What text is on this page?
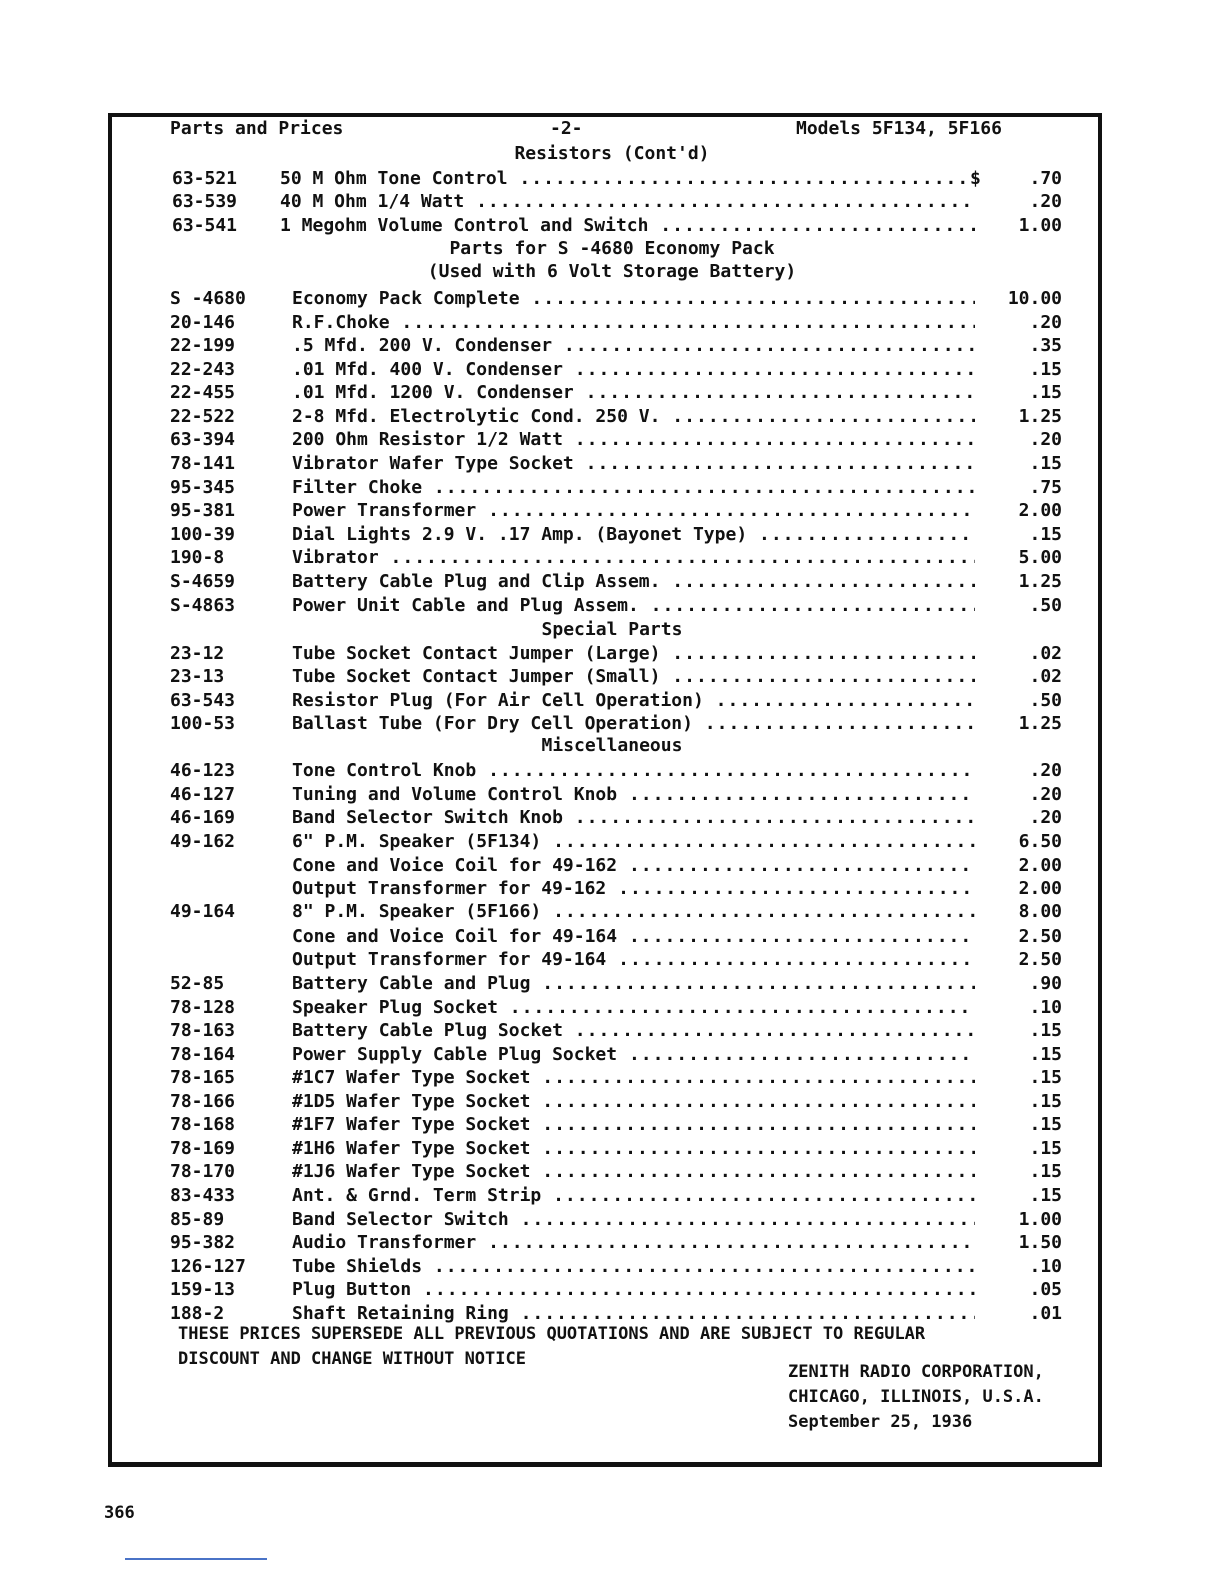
Parts and Prices	-2-	Models 5F134, 5F166
Resistors (Cont'd)
Parts for S -4680 Economy Pack
(Used with 6 Volt Storage Battery)
Special Parts
Miscellaneous
63-521 50 M Ohm Tone Control .....	$	.70
63-539 40 M Ohm 1/4 Watt .....	.20
63-541 1 Megohm Volume Control and Switch .....	1.00
S -4680	Economy Pack Complete .....	10.00
20-146	R.F.Choke .....	.20
22-199	.5 Mfd. 200 V. Condenser .....	.35
22-243	.01 Mfd. 400 V. Condenser .....	.15
22-455	.01 Mfd. 1200 V. Condenser .....	.15
22-522	2-8 Mfd. Electrolytic Cond. 250 V. .....	1.25
63-394	200 Ohm Resistor 1/2 Watt .....	.20
78-141	Vibrator Wafer Type Socket .....	.15
95-345	Filter Choke .....	.75
95-381	Power Transformer .....	2.00
100-39	Dial Lights 2.9 V. .17 Amp. (Bayonet Type) .....	.15
190-8	Vibrator .....	5.00
S-4659	Battery Cable Plug and Clip Assem. .....	1.25
S-4863	Power Unit Cable and Plug Assem. .....	.50
23-12	Tube Socket Contact Jumper (Large) .....	.02
23-13	Tube Socket Contact Jumper (Small) .....	.02
63-543	Resistor Plug (For Air Cell Operation) .....	.50
100-53	Ballast Tube (For Dry Cell Operation) .....	1.25
46-123	Tone Control Knob .....	.20
46-127	Tuning and Volume Control Knob .....	.20
46-169	Band Selector Switch Knob .....	.20
49-162	6" P.M. Speaker (5F134) .....	6.50
Cone and Voice Coil for 49-162 .....	2.00
Output Transformer for 49-162 .....	2.00
49-164	8" P.M. Speaker (5F166) .....	8.00
Cone and Voice Coil for 49-164 .....	2.50
Output Transformer for 49-164 .....	2.50
52-85	Battery Cable and Plug .....	.90
78-128	Speaker Plug Socket .....	.10
78-163	Battery Cable Plug Socket .....	.15
78-164	Power Supply Cable Plug Socket .....	.15
78-165	#1C7 Wafer Type Socket .....	.15
78-166	#1D5 Wafer Type Socket .....	.15
78-168	#1F7 Wafer Type Socket .....	.15
78-169	#1H6 Wafer Type Socket .....	.15
78-170	#1J6 Wafer Type Socket .....	.15
83-433	Ant. & Grnd. Term Strip .....	.15
85-89	Band Selector Switch .....	1.00
95-382	Audio Transformer .....	1.50
126-127	Tube Shields .....	.10
159-13	Plug Button .....	.05
188-2	Shaft Retaining Ring .....	.01
THESE PRICES SUPERSEDE ALL PREVIOUS QUOTATIONS AND ARE SUBJECT TO REGULAR
DISCOUNT AND CHANGE WITHOUT NOTICE
ZENITH RADIO CORPORATION,
CHICAGO, ILLINOIS, U.S.A.
September 25, 1936
366
